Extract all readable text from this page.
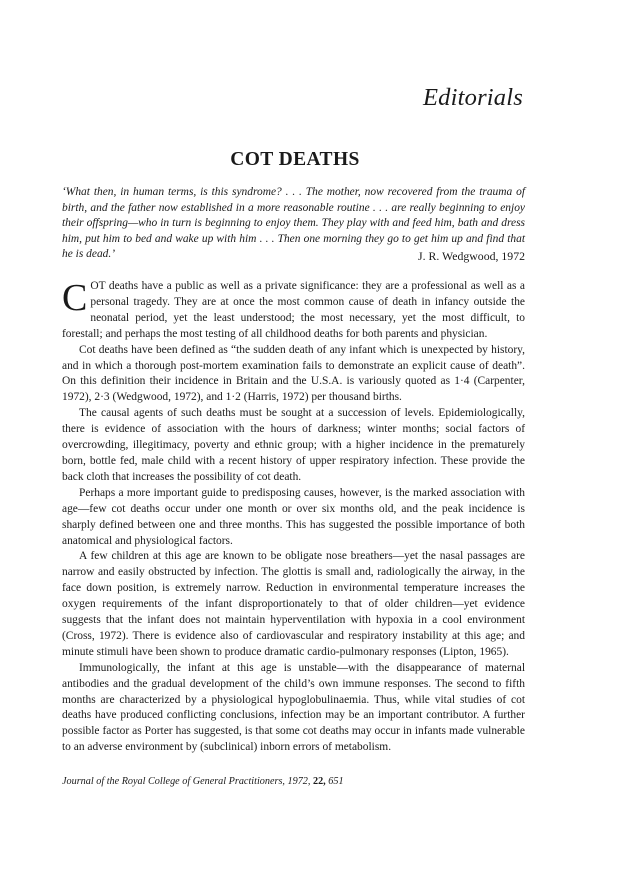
Editorials
COT DEATHS

‘What then, in human terms, is this syndrome? . . . The mother, now recovered from the trauma of birth, and the father now established in a more reasonable routine . . . are really beginning to enjoy their offspring—who in turn is beginning to enjoy them. They play with and feed him, bath and dress him, put him to bed and wake up with him . . . Then one morning they go to get him up and find that he is dead.’	J. R. Wedgwood, 1972

COT deaths have a public as well as a private significance: they are a professional as well as a personal tragedy. They are at once the most common cause of death in infancy outside the neonatal period, yet the least understood; the most necessary, yet the most difficult, to forestall; and perhaps the most testing of all childhood deaths for both parents and physician.

Cot deaths have been defined as “the sudden death of any infant which is unexpected by history, and in which a thorough post-mortem examination fails to demonstrate an explicit cause of death”. On this definition their incidence in Britain and the U.S.A. is variously quoted as 1·4 (Carpenter, 1972), 2·3 (Wedgwood, 1972), and 1·2 (Harris, 1972) per thousand births.

The causal agents of such deaths must be sought at a succession of levels. Epidemiologically, there is evidence of association with the hours of darkness; winter months; social factors of overcrowding, illegitimacy, poverty and ethnic group; with a higher incidence in the prematurely born, bottle fed, male child with a recent history of upper respiratory infection. These provide the back cloth that increases the possibility of cot death.

Perhaps a more important guide to predisposing causes, however, is the marked association with age—few cot deaths occur under one month or over six months old, and the peak incidence is sharply defined between one and three months. This has suggested the possible importance of both anatomical and physiological factors.

A few children at this age are known to be obligate nose breathers—yet the nasal passages are narrow and easily obstructed by infection. The glottis is small and, radiologically the airway, in the face down position, is extremely narrow. Reduction in environmental temperature increases the oxygen requirements of the infant disproportionately to that of older children—yet evidence suggests that the infant does not maintain hyperventilation with hypoxia in a cool environment (Cross, 1972). There is evidence also of cardiovascular and respiratory instability at this age; and minute stimuli have been shown to produce dramatic cardio-pulmonary responses (Lipton, 1965).

Immunologically, the infant at this age is unstable—with the disappearance of maternal antibodies and the gradual development of the child’s own immune responses. The second to fifth months are characterized by a physiological hypoglobulinaemia. Thus, while vital studies of cot deaths have produced conflicting conclusions, infection may be an important contributor. A further possible factor as Porter has suggested, is that some cot deaths may occur in infants made vulnerable to an adverse environment by (subclinical) inborn errors of metabolism.

Journal of the Royal College of General Practitioners, 1972, 22, 651
